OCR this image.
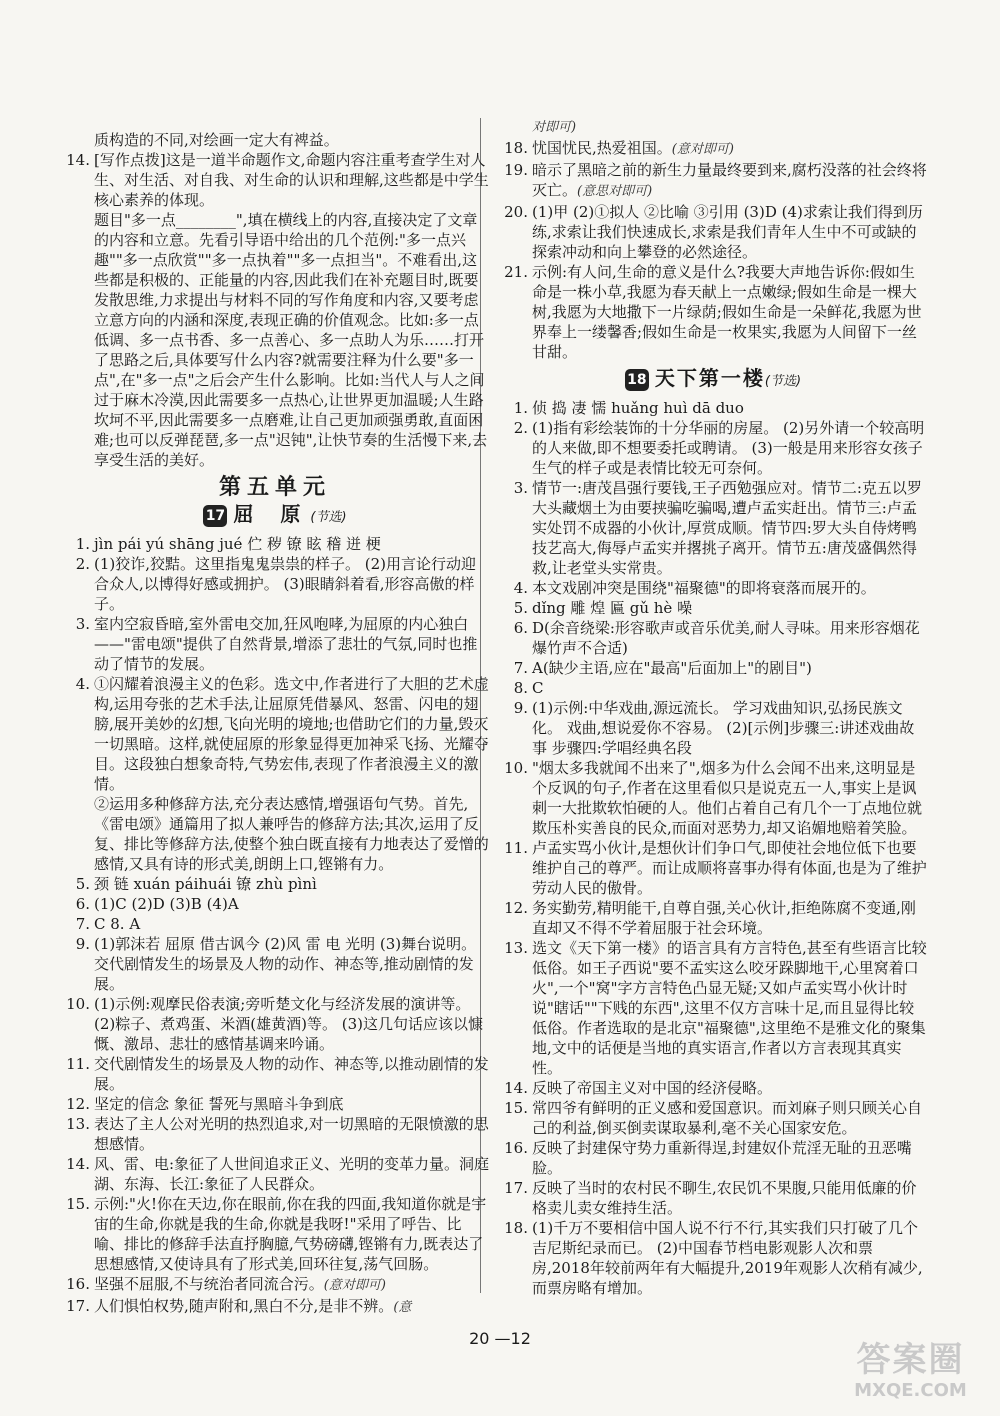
质构造的不同,对绘画一定大有裨益。

14. [写作点拨]这是一道半命题作文,命题内容注重考查学生对人生、对生活、对自我、对生命的认识和理解,这些都是中学生核心素养的体现。

题目"多一点________",填在横线上的内容,直接决定了文章的内容和立意。先看引导语中给出的几个范例:"多一点兴趣""多一点欣赏""多一点执着""多一点担当"。不难看出,这些都是积极的、正能量的内容,因此我们在补充题目时,既要发散思维,力求提出与材料不同的写作角度和内容,又要考虑立意方向的内涵和深度,表现正确的价值观念。比如:多一点低调、多一点书香、多一点善心、多一点助人为乐……打开了思路之后,具体要写什么内容?就需要注释为什么要"多一点",在"多一点"之后会产生什么影响。比如:当代人与人之间过于麻木冷漠,因此需要多一点热心,让世界更加温暖;人生路坎坷不平,因此需要多一点磨难,让自己更加顽强勇敢,直面困难;也可以反弹琵琶,多一点"迟钝",让快节奏的生活慢下来,去享受生活的美好。

第五单元
17 屈 原(节选)
1. jìn pái yú shāng jué 伫 秽 镣 眩 稽 迸 梗
2. (1)狡诈,狡黠。这里指鬼鬼祟祟的样子。 (2)用言论行动迎合众人,以博得好感或拥护。 (3)眼睛斜着看,形容高傲的样子。
3. 室内空寂昏暗,室外雷电交加,狂风咆哮,为屈原的内心独白——"雷电颂"提供了自然背景,增添了悲壮的气氛,同时也推动了情节的发展。
4. ①闪耀着浪漫主义的色彩。选文中,作者进行了大胆的艺术虚构,运用夸张的艺术手法,让屈原凭借暴风、怒雷、闪电的翅膀,展开美妙的幻想,飞向光明的境地;也借助它们的力量,毁灭一切黑暗。这样,就使屈原的形象显得更加神采飞扬、光耀夺目。这段独白想象奇特,气势宏伟,表现了作者浪漫主义的激情。
②运用多种修辞方法,充分表达感情,增强语句气势。首先,《雷电颂》通篇用了拟人兼呼告的修辞方法;其次,运用了反复、排比等修辞方法,使整个独白既直接有力地表达了爱憎的感情,又具有诗的形式美,朗朗上口,铿锵有力。
5. 颈 链 xuán páihuái 镣 zhù pìnì
6. (1)C (2)D (3)B (4)A
7. C 8. A
9. (1)郭沫若 屈原 借古讽今 (2)风 雷 电 光明 (3)舞台说明。 交代剧情发生的场景及人物的动作、神态等,推动剧情的发展。
10. (1)示例:观摩民俗表演;旁听楚文化与经济发展的演讲等。 (2)粽子、煮鸡蛋、米酒(雄黄酒)等。 (3)这几句话应该以慷慨、激昂、悲壮的感情基调来吟诵。
11. 交代剧情发生的场景及人物的动作、神态等,以推动剧情的发展。
12. 坚定的信念 象征 誓死与黑暗斗争到底
13. 表达了主人公对光明的热烈追求,对一切黑暗的无限愤激的思想感情。
14. 风、雷、电:象征了人世间追求正义、光明的变革力量。洞庭湖、东海、长江:象征了人民群众。
15. 示例:"火!你在天边,你在眼前,你在我的四面,我知道你就是宇宙的生命,你就是我的生命,你就是我呀!"采用了呼告、比喻、排比的修辞手法直抒胸臆,气势磅礴,铿锵有力,既表达了思想感情,又使诗具有了形式美,回环往复,荡气回肠。
16. 坚强不屈服,不与统治者同流合污。(意对即可)
17. 人们惧怕权势,随声附和,黑白不分,是非不辨。(意

对即可)

18. 忧国忧民,热爱祖国。(意对即可)
19. 暗示了黑暗之前的新生力量最终要到来,腐朽没落的社会终将灭亡。(意思对即可)
20. (1)甲 (2)①拟人 ②比喻 ③引用 (3)D (4)求索让我们得到历练,求索让我们快速成长,求索是我们青年人生中不可或缺的探索冲动和向上攀登的必然途径。
21. 示例:有人问,生命的意义是什么?我要大声地告诉你:假如生命是一株小草,我愿为春天献上一点嫩绿;假如生命是一棵大树,我愿为大地撒下一片绿荫;假如生命是一朵鲜花,我愿为世界奉上一缕馨香;假如生命是一枚果实,我愿为人间留下一丝甘甜。
18 天下第一楼(节选)
1. 侦 捣 凄 懦 huǎng huì dā duo
2. (1)指有彩绘装饰的十分华丽的房屋。 (2)另外请一个较高明的人来做,即不想要委托或聘请。 (3)一般是用来形容女孩子生气的样子或是表情比较无可奈何。
3. 情节一:唐茂昌强行要钱,王子西勉强应对。情节二:克五以罗大头藏烟土为由要挟骗吃骗喝,遭卢孟实赶出。情节三:卢孟实处罚不成器的小伙计,厚赏成顺。情节四:罗大头自侍烤鸭技艺高大,侮辱卢孟实并撂挑子离开。情节五:唐茂盛偶然得救,让老堂头实常贵。
4. 本文戏剧冲突是围绕"福聚德"的即将衰落而展开的。
5. dǐng 雕 煌 匾 gǔ hè 噪
6. D(余音绕梁:形容歌声或音乐优美,耐人寻味。用来形容烟花爆竹声不合适)
7. A(缺少主语,应在"最高"后面加上"的剧目")
8. C
9. (1)示例:中华戏曲,源远流长。 学习戏曲知识,弘扬民族文化。 戏曲,想说爱你不容易。 (2)[示例]步骤三:讲述戏曲故事 步骤四:学唱经典名段
10. "烟太多我就闻不出来了",烟多为什么会闻不出来,这明显是个反讽的句子,作者在这里看似只是说克五一人,事实上是讽刺一大批欺软怕硬的人。他们占着自己有几个一丁点地位就欺压朴实善良的民众,而面对恶势力,却又谄媚地赔着笑脸。
11. 卢孟实骂小伙计,是想伙计们争口气,即使社会地位低下也要维护自己的尊严。而让成顺将喜事办得有体面,也是为了维护劳动人民的傲骨。
12. 务实勤劳,精明能干,自尊自强,关心伙计,拒绝陈腐不变通,刚直却又不得不学着屈服于社会环境。
13. 选文《天下第一楼》的语言具有方言特色,甚至有些语言比较低俗。如王子西说"要不孟实这么咬牙跺脚地干,心里窝着口火",一个"窝"字方言特色凸显无疑;又如卢孟实骂小伙计时说"瞎话""下贱的东西",这里不仅方言味十足,而且显得比较低俗。作者选取的是北京"福聚德",这里绝不是雅文化的聚集地,文中的话便是当地的真实语言,作者以方言表现其真实性。
14. 反映了帝国主义对中国的经济侵略。
15. 常四爷有鲜明的正义感和爱国意识。而刘麻子则只顾关心自己的利益,倒买倒卖谋取暴利,毫不关心国家安危。
16. 反映了封建保守势力重新得逞,封建奴仆荒淫无耻的丑恶嘴脸。
17. 反映了当时的农村民不聊生,农民饥不果腹,只能用低廉的价格卖儿卖女维持生活。
18. (1)千万不要相信中国人说不行不行,其实我们只打破了几个吉尼斯纪录而已。 (2)中国春节档电影观影人次和票房,2018年较前两年有大幅提升,2019年观影人次稍有减少,而票房略有增加。
20 —12
答案圈
MXQE.COM
